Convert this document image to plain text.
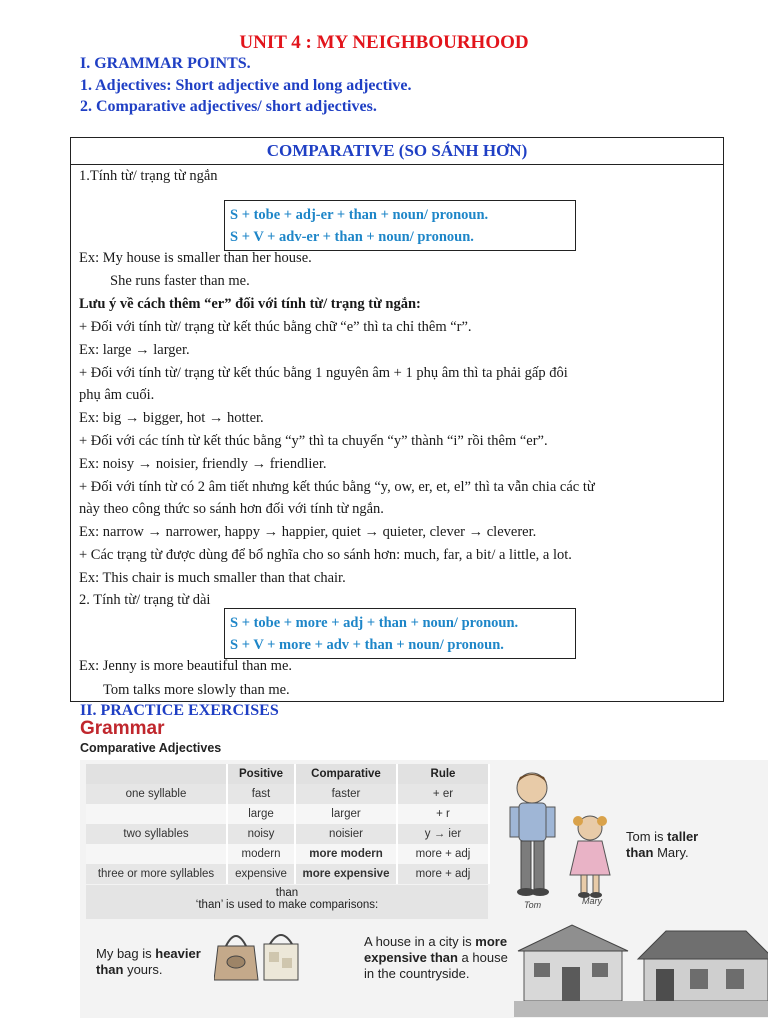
UNIT 4 : MY NEIGHBOURHOOD
I. GRAMMAR POINTS.
1. Adjectives: Short adjective and long adjective.
2. Comparative adjectives/ short adjectives.
COMPARATIVE (SO SÁNH HƠN)
1.Tính từ/ trạng từ ngắn
S + tobe + adj-er + than + noun/ pronoun.
S + V + adv-er + than + noun/ pronoun.
Ex: My house is smaller than her house.
She runs faster than me.
Lưu ý về cách thêm “er” đối với tính từ/ trạng từ ngắn:
+ Đối với tính từ/ trạng từ kết thúc bằng chữ “e” thì ta chỉ thêm “r”.
Ex: large → larger.
+ Đối với tính từ/ trạng từ kết thúc bằng 1 nguyên âm + 1 phụ âm thì ta phải gấp đôi
phụ âm cuối.
Ex: big → bigger, hot → hotter.
+ Đối với các tính từ kết thúc bằng “y” thì ta chuyển “y” thành “i” rồi thêm “er”.
Ex: noisy → noisier, friendly → friendlier.
+ Đối với tính từ có 2 âm tiết nhưng kết thúc bằng “y, ow, er, et, el” thì ta vẫn chia các từ
này theo công thức so sánh hơn đối với tính từ ngắn.
Ex: narrow → narrower, happy → happier, quiet → quieter, clever → cleverer.
+ Các trạng từ được dùng để bổ nghĩa cho so sánh hơn: much, far, a bit/ a little, a lot.
Ex: This chair is much smaller than that chair.
2. Tính từ/ trạng từ dài
S + tobe + more + adj + than + noun/ pronoun.
S + V + more + adv + than + noun/ pronoun.
Ex: Jenny is more beautiful than me.
Tom talks more slowly than me.
II. PRACTICE EXERCISES
Grammar
Comparative Adjectives
	Positive	Comparative	Rule
one syllable	fast	faster	+ er
	large	larger	+ r
two syllables	noisy	noisier	y → ier
	modern	more modern	more + adj
three or more syllables	expensive	more expensive	more + adj
than
‘than’ is used to make comparisons:	Tom	Mary
Tom is taller
than Mary.
My bag is heavier
than yours.
A house in a city is more
expensive than a house
in the countryside.
